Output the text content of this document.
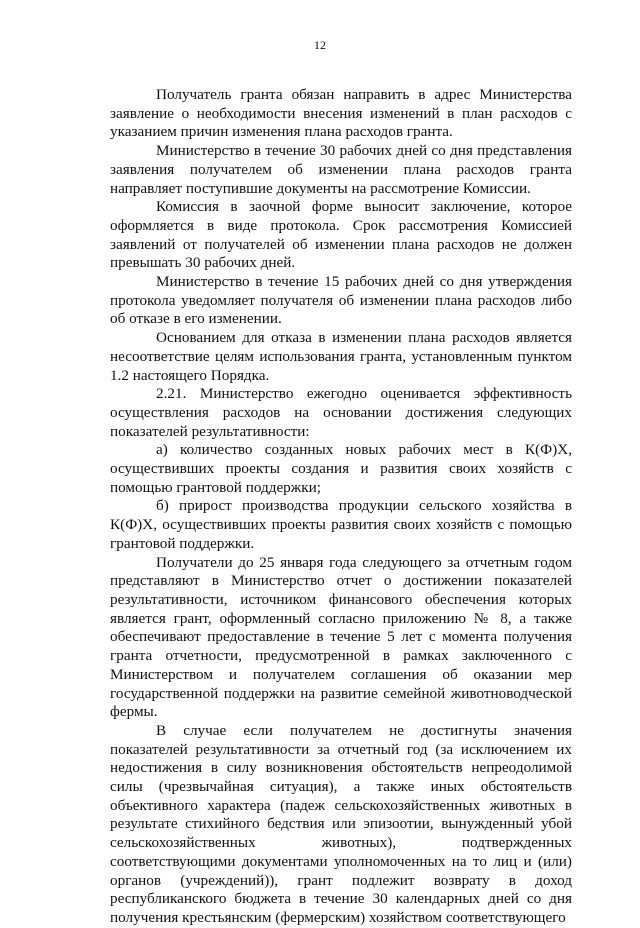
12

Получатель гранта обязан направить в адрес Министерства заявление о необходимости внесения изменений в план расходов с указанием причин изменения плана расходов гранта.

Министерство в течение 30 рабочих дней со дня представления заявления получателем об изменении плана расходов гранта направляет поступившие документы на рассмотрение Комиссии.

Комиссия в заочной форме выносит заключение, которое оформляется в виде протокола. Срок рассмотрения Комиссией заявлений от получателей об изменении плана расходов не должен превышать 30 рабочих дней.

Министерство в течение 15 рабочих дней со дня утверждения протокола уведомляет получателя об изменении плана расходов либо об отказе в его изменении.

Основанием для отказа в изменении плана расходов является несоответствие целям использования гранта, установленным пунктом 1.2 настоящего Порядка.

2.21. Министерство ежегодно оценивается эффективность осуществления расходов на основании достижения следующих показателей результативности:

а) количество созданных новых рабочих мест в К(Ф)Х, осуществивших проекты создания и развития своих хозяйств с помощью грантовой поддержки;

б) прирост производства продукции сельского хозяйства в К(Ф)Х, осуществивших проекты развития своих хозяйств с помощью грантовой поддержки.

Получатели до 25 января года следующего за отчетным годом представляют в Министерство отчет о достижении показателей результативности, источником финансового обеспечения которых является грант, оформленный согласно приложению № 8, а также обеспечивают предоставление в течение 5 лет с момента получения гранта отчетности, предусмотренной в рамках заключенного с Министерством и получателем соглашения об оказании мер государственной поддержки на развитие семейной животноводческой фермы.

В случае если получателем не достигнуты значения показателей результативности за отчетный год (за исключением их недостижения в силу возникновения обстоятельств непреодолимой силы (чрезвычайная ситуация), а также иных обстоятельств объективного характера (падеж сельскохозяйственных животных в результате стихийного бедствия или эпизоотии, вынужденный убой сельскохозяйственных животных), подтвержденных соответствующими документами уполномоченных на то лиц и (или) органов (учреждений)), грант подлежит возврату в доход республиканского бюджета в течение 30 календарных дней со дня получения крестьянским (фермерским) хозяйством соответствующего
